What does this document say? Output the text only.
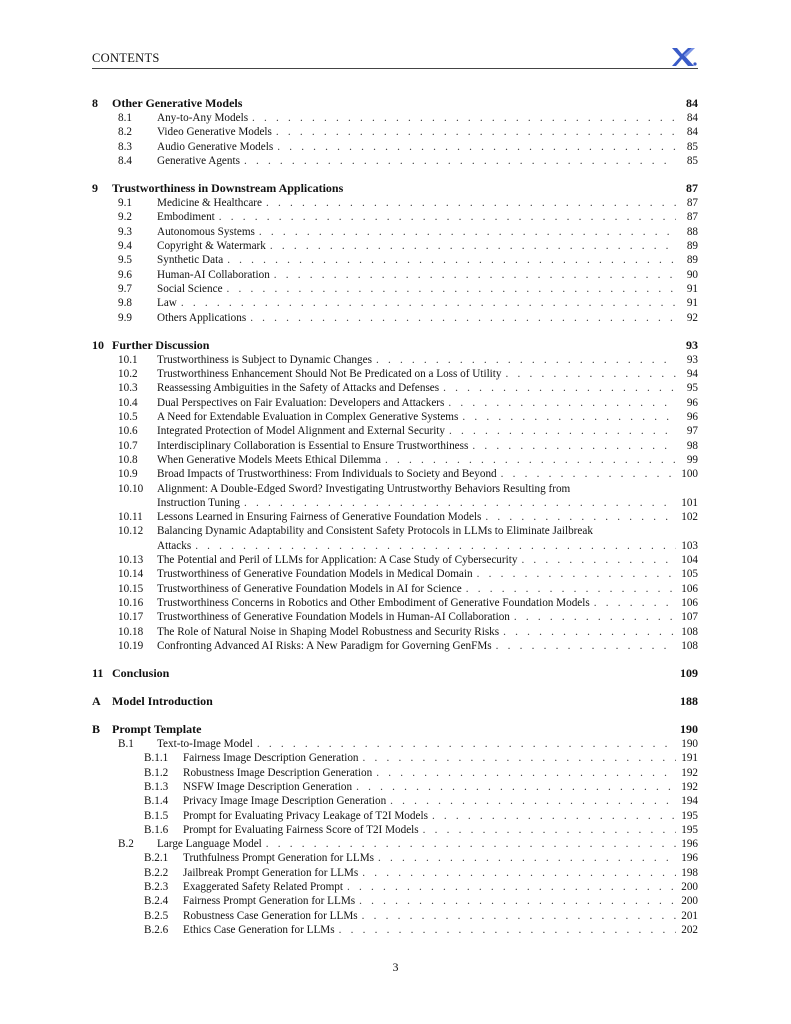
CONTENTS
8	Other Generative Models	84
8.1	Any-to-Any Models . . .	84
8.2	Video Generative Models . . .	84
8.3	Audio Generative Models . . .	85
8.4	Generative Agents . . .	85
9	Trustworthiness in Downstream Applications	87
9.1	Medicine & Healthcare . . .	87
9.2	Embodiment . . .	87
9.3	Autonomous Systems . . .	88
9.4	Copyright & Watermark . . .	89
9.5	Synthetic Data . . .	89
9.6	Human-AI Collaboration . . .	90
9.7	Social Science . . .	91
9.8	Law . . .	91
9.9	Others Applications . . .	92
10 Further Discussion	93
10.1	Trustworthiness is Subject to Dynamic Changes . . .	93
10.2	Trustworthiness Enhancement Should Not Be Predicated on a Loss of Utility . . .	94
10.3	Reassessing Ambiguities in the Safety of Attacks and Defenses . . .	95
10.4	Dual Perspectives on Fair Evaluation: Developers and Attackers . . .	96
10.5	A Need for Extendable Evaluation in Complex Generative Systems . . .	96
10.6	Integrated Protection of Model Alignment and External Security . . .	97
10.7	Interdisciplinary Collaboration is Essential to Ensure Trustworthiness . . .	98
10.8	When Generative Models Meets Ethical Dilemma . . .	99
10.9	Broad Impacts of Trustworthiness: From Individuals to Society and Beyond . . .	100
10.10	Alignment: A Double-Edged Sword? Investigating Untrustworthy Behaviors Resulting from
Instruction Tuning . . .	101
10.11	Lessons Learned in Ensuring Fairness of Generative Foundation Models . . .	102
10.12	Balancing Dynamic Adaptability and Consistent Safety Protocols in LLMs to Eliminate Jailbreak
Attacks . . .	103
10.13	The Potential and Peril of LLMs for Application: A Case Study of Cybersecurity . . .	104
10.14	Trustworthiness of Generative Foundation Models in Medical Domain . . .	105
10.15	Trustworthiness of Generative Foundation Models in AI for Science . . .	106
10.16	Trustworthiness Concerns in Robotics and Other Embodiment of Generative Foundation Models . . .	106
10.17	Trustworthiness of Generative Foundation Models in Human-AI Collaboration . . .	107
10.18	The Role of Natural Noise in Shaping Model Robustness and Security Risks . . .	108
10.19	Confronting Advanced AI Risks: A New Paradigm for Governing GenFMs . . .	108
11 Conclusion	109
A Model Introduction	188
B Prompt Template	190
B.1	Text-to-Image Model . . .	190
B.1.1	Fairness Image Description Generation . . .	191
B.1.2	Robustness Image Description Generation . . .	192
B.1.3	NSFW Image Description Generation . . .	192
B.1.4	Privacy Image Image Description Generation . . .	194
B.1.5	Prompt for Evaluating Privacy Leakage of T2I Models . . .	195
B.1.6	Prompt for Evaluating Fairness Score of T2I Models . . .	195
B.2	Large Language Model . . .	196
B.2.1	Truthfulness Prompt Generation for LLMs . . .	196
B.2.2	Jailbreak Prompt Generation for LLMs . . .	198
B.2.3	Exaggerated Safety Related Prompt . . .	200
B.2.4	Fairness Prompt Generation for LLMs . . .	200
B.2.5	Robustness Case Generation for LLMs . . .	201
B.2.6	Ethics Case Generation for LLMs . . .	202
3
